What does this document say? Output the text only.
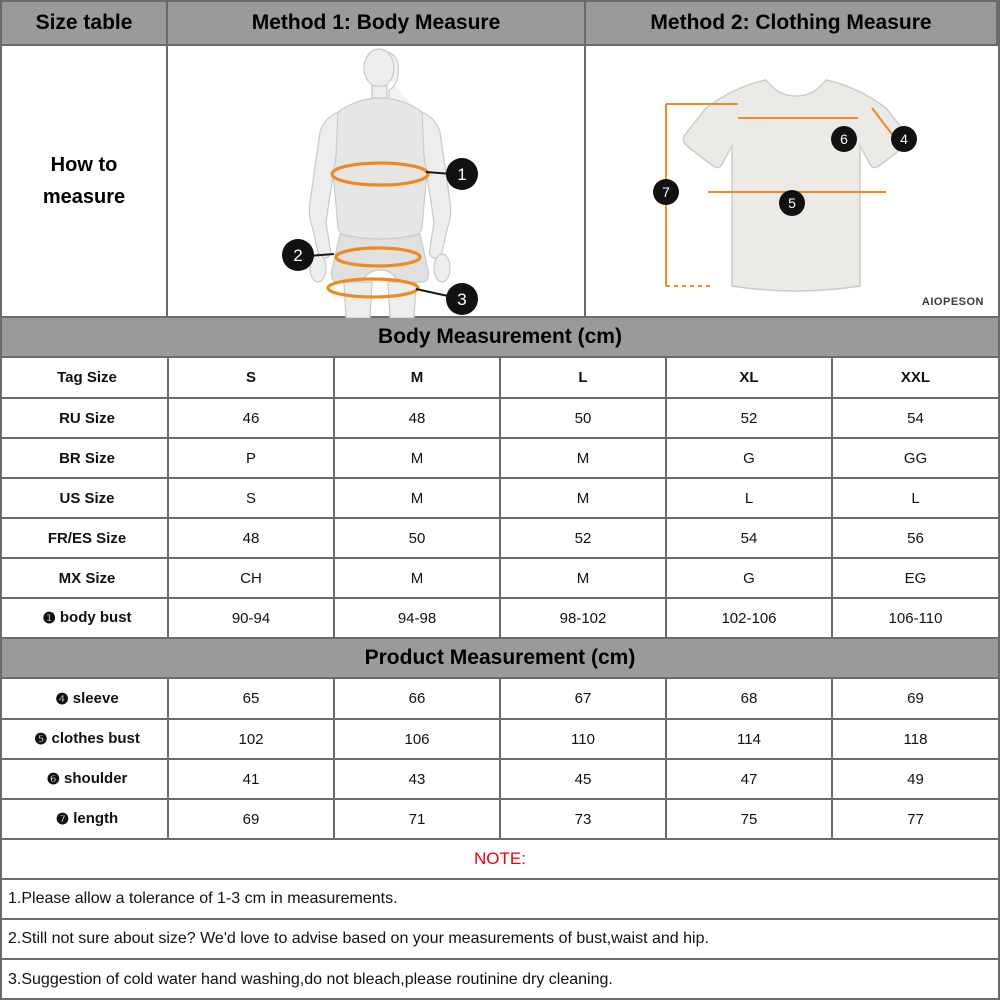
Size table	Method 1: Body Measure	Method 2: Clothing Measure
How to
measure
1
2
3
6	4
5
7
AIOPESON
Body Measurement (cm)
Tag Size	S	M	L	XL	XXL
RU Size	46	48	50	52	54
BR Size	P	M	M	G	GG
US Size	S	M	M	L	L
FR/ES Size	48	50	52	54	56
MX Size	CH	M	M	G	EG
❶ body bust	90-94	94-98	98-102	102-106	106-110
Product Measurement (cm)
❹ sleeve	65	66	67	68	69
❺ clothes bust	102	106	110	114	118
❻ shoulder	41	43	45	47	49
❼ length	69	71	73	75	77
NOTE:
1.Please allow a tolerance of 1-3 cm in measurements.
2.Still not sure about size? We'd love to advise based on your measurements of bust,waist and hip.
3.Suggestion of cold water hand washing,do not bleach,please routinine dry cleaning.
